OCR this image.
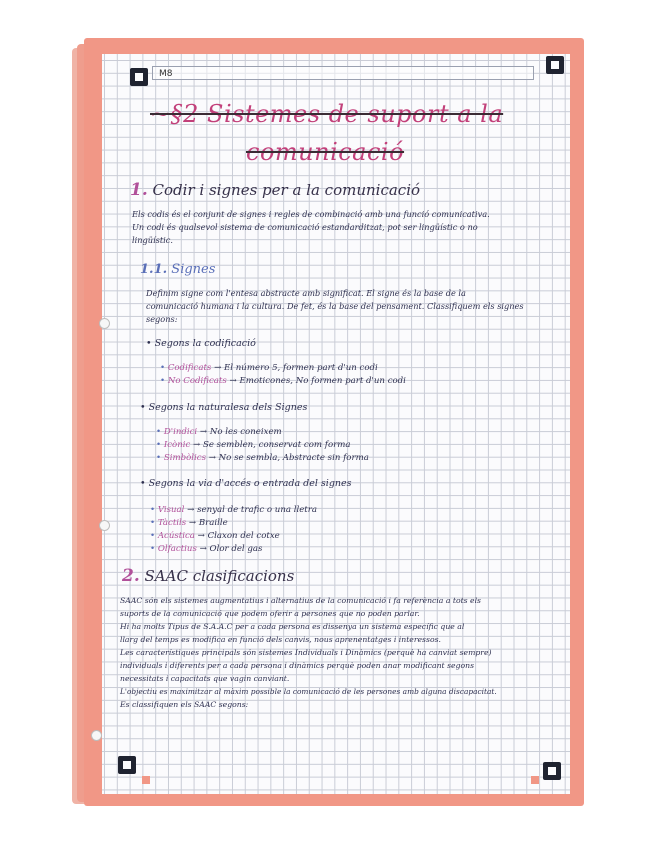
M8
~§2 Sistemes de suport a la
comunicació
1. Codir i signes per a la comunicació
Els codis és el conjunt de signes i regles de combinació amb una funció comunicativa.
Un codi és qualsevol sistema de comunicació estandarditzat, pot ser lingüístic o no
lingüístic.
1.1. Signes
Definim signe com l'entesa abstracte amb significat. El signe és la base de la
comunicació humana i la cultura. De fet, és la base del pensament. Classifiquem els signes
segons:
• Segons la codificació
• Codificats → El número 5, formen part d'un codi
• No Codificats → Emoticones, No formen part d'un codi
• Segons la naturalesa dels Signes
• D'indici → No les coneixem
• Icònic → Se semblen, conservat com forma
• Simbòlics → No se sembla, Abstracte sin forma
• Segons la via d'accés o entrada del signes
• Visual → senyal de trafic o una lletra
• Tàctils → Braille
• Acústica → Claxon del cotxe
• Olfactius → Olor del gas
2. SAAC clasificacions
SAAC són els sistemes augmentatius i alternatius de la comunicació i fa referència a tots els
suports de la comunicació que podem oferir a persones que no poden parlar.
Hi ha molts Tipus de S.A.A.C per a cada persona es dissenya un sistema específic que al
llarg del temps es modifica en funció dels canvis, nous aprenentatges i interessos.
Les característiques principals són sistemes Individuals i Dinàmics (perquè ha canviat sempre)
individuals i diferents per a cada persona i dinàmics perquè poden anar modificant segons
necessitats i capacitats que vagin canviant.
L'objectiu es maximitzar al màxim possible la comunicació de les persones amb alguna discapacitat.
Es classifiquen els SAAC segons:
